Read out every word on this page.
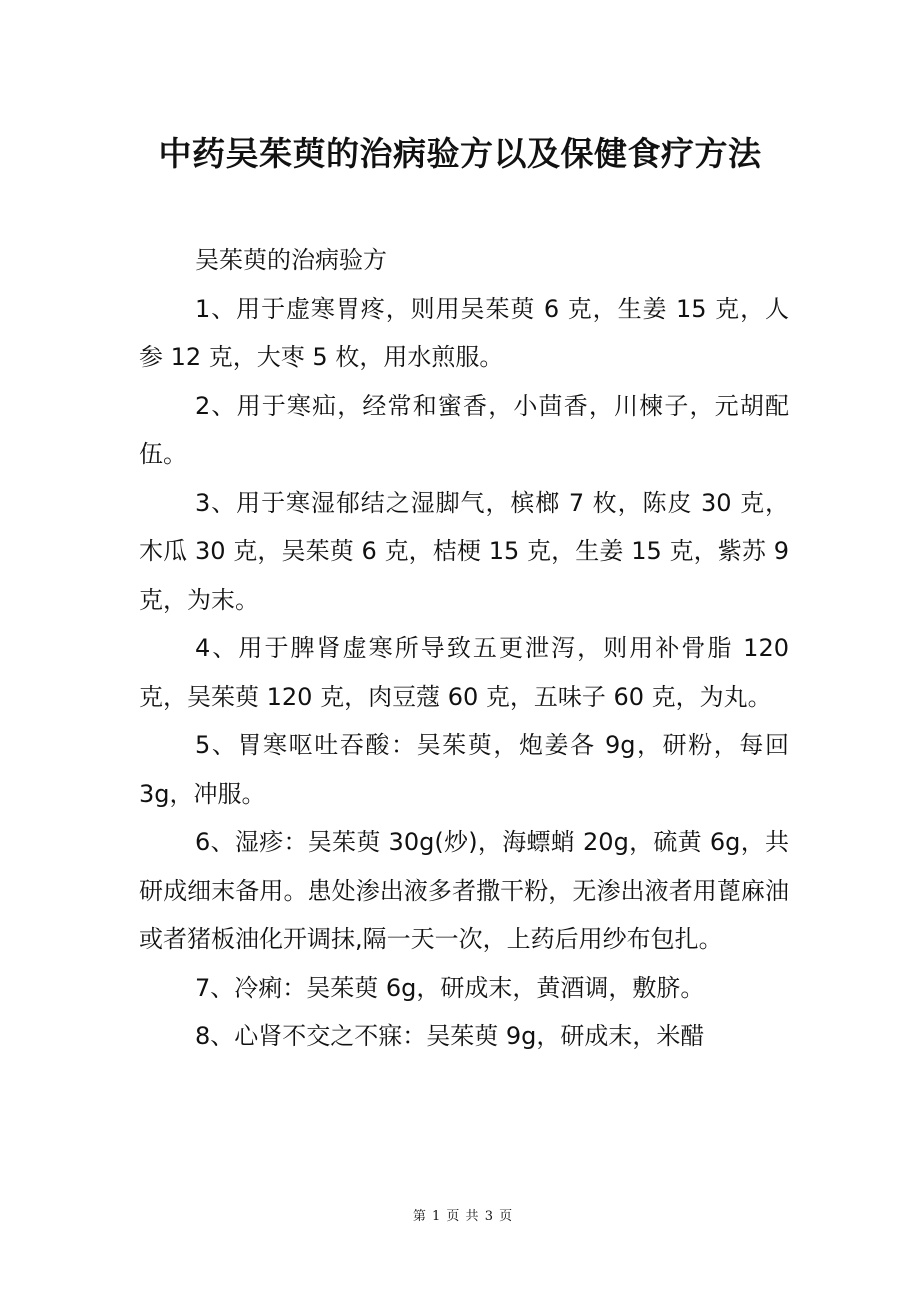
中药吴茱萸的治病验方以及保健食疗方法

吴茱萸的治病验方

1、用于虚寒胃疼，则用吴茱萸 6 克，生姜 15 克，人参 12 克，大枣 5 枚，用水煎服。

2、用于寒疝，经常和蜜香，小茴香，川楝子，元胡配伍。

3、用于寒湿郁结之湿脚气，槟榔 7 枚，陈皮 30 克，木瓜 30 克，吴茱萸 6 克，桔梗 15 克，生姜 15 克，紫苏 9 克，为末。

4、用于脾肾虚寒所导致五更泄泻，则用补骨脂 120 克，吴茱萸 120 克，肉豆蔻 60 克，五味子 60 克，为丸。

5、胃寒呕吐吞酸：吴茱萸，炮姜各 9g，研粉，每回 3g，冲服。

6、湿疹：吴茱萸 30g(炒)，海螵蛸 20g，硫黄 6g，共研成细末备用。患处渗出液多者撒干粉，无渗出液者用蓖麻油或者猪板油化开调抹,隔一天一次，上药后用纱布包扎。

7、冷痢：吴茱萸 6g，研成末，黄酒调，敷脐。

8、心肾不交之不寐：吴茱萸 9g，研成末，米醋

第 1 页 共 3 页
